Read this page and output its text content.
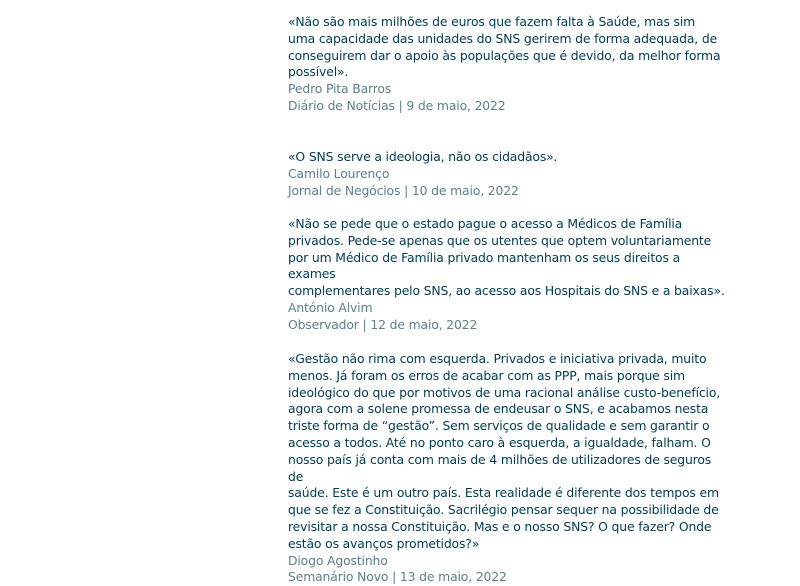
«Não são mais milhões de euros que fazem falta à Saúde, mas sim
uma capacidade das unidades do SNS gerirem de forma adequada, de
conseguirem dar o apoio às populações que é devido, da melhor forma
possível».

Pedro Pita Barros

Diário de Notícias | 9 de maio, 2022

«O SNS serve a ideologia, não os cidadãos».

Camilo Lourenço

Jornal de Negócios | 10 de maio, 2022

«Não se pede que o estado pague o acesso a Médicos de Família
privados. Pede-se apenas que os utentes que optem voluntariamente
por um Médico de Família privado mantenham os seus direitos a exames
complementares pelo SNS, ao acesso aos Hospitais do SNS e a baixas».

António Alvim

Observador | 12 de maio, 2022

«Gestão não rima com esquerda. Privados e iniciativa privada, muito
menos. Já foram os erros de acabar com as PPP, mais porque sim
ideológico do que por motivos de uma racional análise custo-benefício,
agora com a solene promessa de endeusar o SNS, e acabamos nesta
triste forma de “gestão”. Sem serviços de qualidade e sem garantir o
acesso a todos. Até no ponto caro à esquerda, a igualdade, falham. O
nosso país já conta com mais de 4 milhões de utilizadores de seguros de
saúde. Este é um outro país. Esta realidade é diferente dos tempos em
que se fez a Constituição. Sacrilégio pensar sequer na possibilidade de
revisitar a nossa Constituição. Mas e o nosso SNS? O que fazer? Onde
estão os avanços prometidos?»

Diogo Agostinho

Semanário Novo | 13 de maio, 2022
